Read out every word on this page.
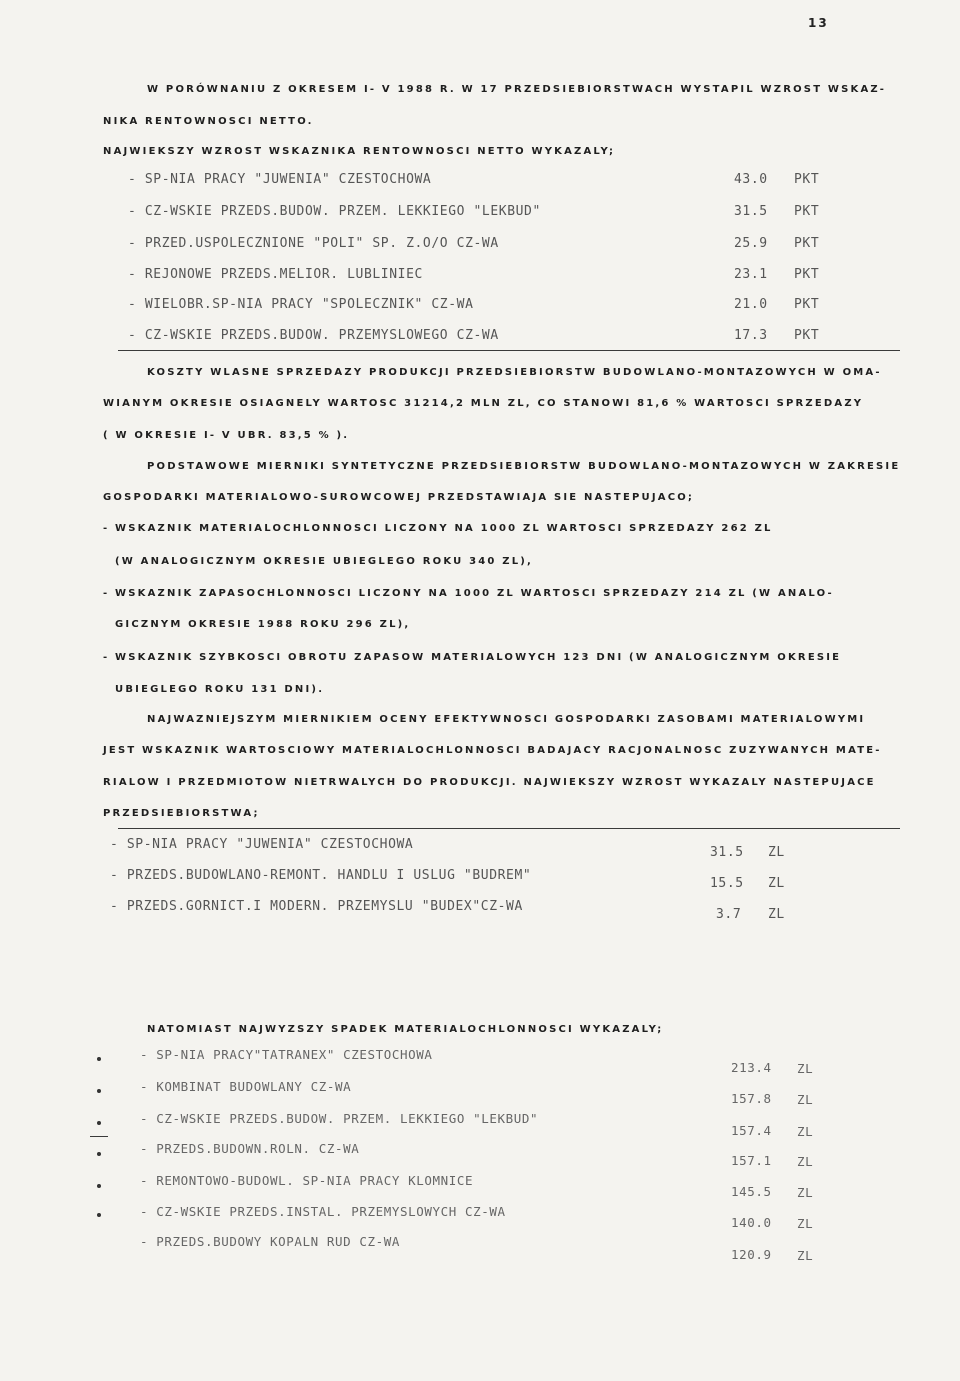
13
W PORÓWNANIU Z OKRESEM I- V 1988 R. W 17 PRZEDSIEBIORSTWACH WYSTAPIL WZROST WSKAZ-
NIKA RENTOWNOSCI NETTO.
NAJWIEKSZY WZROST WSKAZNIKA RENTOWNOSCI NETTO WYKAZALY;
- SP-NIA PRACY "JUWENIA" CZESTOCHOWA	43.0 PKT
- CZ-WSKIE PRZEDS.BUDOW. PRZEM. LEKKIEGO "LEKBUD"	31.5 PKT
- PRZED.USPOLECZNIONE "POLI" SP. Z.O/O CZ-WA	25.9 PKT
- REJONOWE PRZEDS.MELIOR. LUBLINIEC	23.1 PKT
- WIELOBR.SP-NIA PRACY "SPOLECZNIK" CZ-WA	21.0 PKT
- CZ-WSKIE PRZEDS.BUDOW. PRZEMYSLOWEGO CZ-WA	17.3 PKT
KOSZTY WLASNE SPRZEDAZY PRODUKCJI PRZEDSIEBIORSTW BUDOWLANO-MONTAZOWYCH W OMA-
WIANYM OKRESIE OSIAGNELY WARTOSC 31214,2 MLN ZL, CO STANOWI 81,6 % WARTOSCI SPRZEDAZY
( W OKRESIE I- V UBR. 83,5 % ).
PODSTAWOWE MIERNIKI SYNTETYCZNE PRZEDSIEBIORSTW BUDOWLANO-MONTAZOWYCH W ZAKRESIE
GOSPODARKI MATERIALOWO-SUROWCOWEJ PRZEDSTAWIAJA SIE NASTEPUJACO;
- WSKAZNIK MATERIALOCHLONNOSCI LICZONY NA 1000 ZL WARTOSCI SPRZEDAZY 262 ZL
(W ANALOGICZNYM OKRESIE UBIEGLEGO ROKU 340 ZL),
- WSKAZNIK ZAPASOCHLONNOSCI LICZONY NA 1000 ZL WARTOSCI SPRZEDAZY 214 ZL (W ANALO-
GICZNYM OKRESIE 1988 ROKU 296 ZL),
- WSKAZNIK SZYBKOSCI OBROTU ZAPASOW MATERIALOWYCH 123 DNI (W ANALOGICZNYM OKRESIE
UBIEGLEGO ROKU 131 DNI).
NAJWAZNIEJSZYM MIERNIKIEM OCENY EFEKTYWNOSCI GOSPODARKI ZASOBAMI MATERIALOWYMI
JEST WSKAZNIK WARTOSCIOWY MATERIALOCHLONNOSCI BADAJACY RACJONALNOSC ZUZYWANYCH MATE-
RIALOW I PRZEDMIOTOW NIETRWALYCH DO PRODUKCJI. NAJWIEKSZY WZROST WYKAZALY NASTEPUJACE
PRZEDSIEBIORSTWA;
- SP-NIA PRACY "JUWENIA" CZESTOCHOWA
31.5 ZL
- PRZEDS.BUDOWLANO-REMONT. HANDLU I USLUG "BUDREM"
15.5 ZL
- PRZEDS.GORNICT.I MODERN. PRZEMYSLU "BUDEX"CZ-WA
3.7 ZL
NATOMIAST NAJWYZSZY SPADEK MATERIALOCHLONNOSCI WYKAZALY;
- SP-NIA PRACY"TATRANEX" CZESTOCHOWA
213.4 ZL
- KOMBINAT BUDOWLANY CZ-WA
157.8 ZL
- CZ-WSKIE PRZEDS.BUDOW. PRZEM. LEKKIEGO "LEKBUD"
157.4 ZL
- PRZEDS.BUDOWN.ROLN. CZ-WA
157.1 ZL
- REMONTOWO-BUDOWL. SP-NIA PRACY KLOMNICE
145.5 ZL
- CZ-WSKIE PRZEDS.INSTAL. PRZEMYSLOWYCH CZ-WA
140.0 ZL
- PRZEDS.BUDOWY KOPALN RUD CZ-WA
120.9 ZL
